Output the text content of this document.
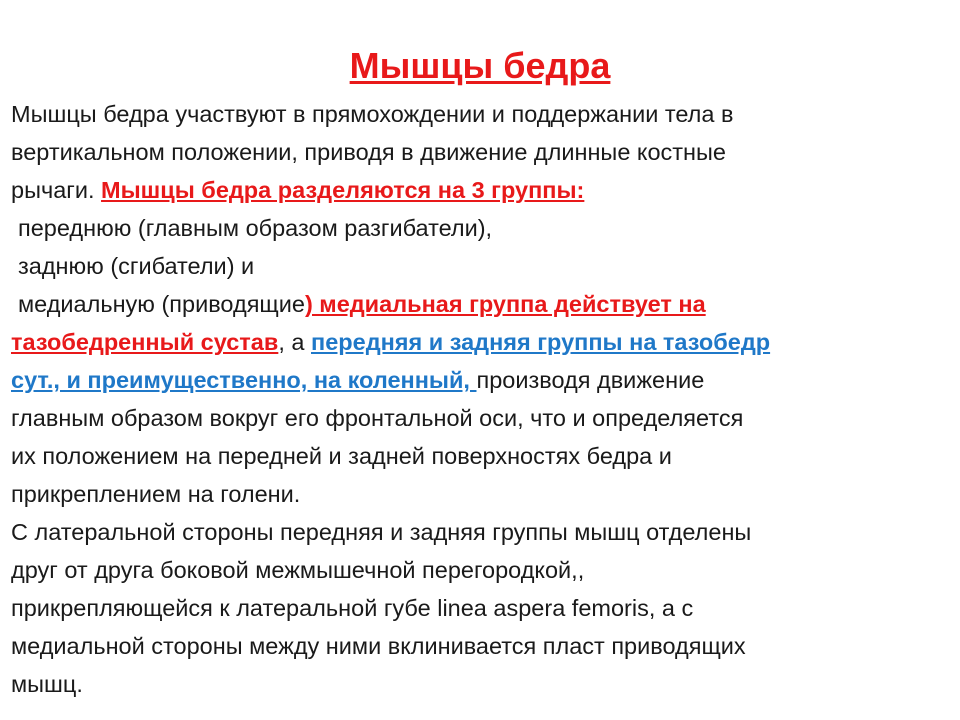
Мышцы бедра
Мышцы бедра участвуют в прямохождении и поддержании тела в
вертикальном положении, приводя в движение длинные костные
рычаги. Мышцы бедра разделяются на 3 группы:
переднюю (главным образом разгибатели),
заднюю (сгибатели) и
медиальную (приводящие) медиальная группа действует на
тазобедренный сустав, а передняя и задняя группы на тазобедр
сут., и преимущественно, на коленный, производя движение
главным образом вокруг его фронтальной оси, что и определяется
их положением на передней и задней поверхностях бедра и
прикреплением на голени.
С латеральной стороны передняя и задняя группы мышц отделены
друг от друга боковой межмышечной перегородкой,,
прикрепляющейся к латеральной губе linea aspera femoris, а с
медиальной стороны между ними вклинивается пласт приводящих
мышц.
